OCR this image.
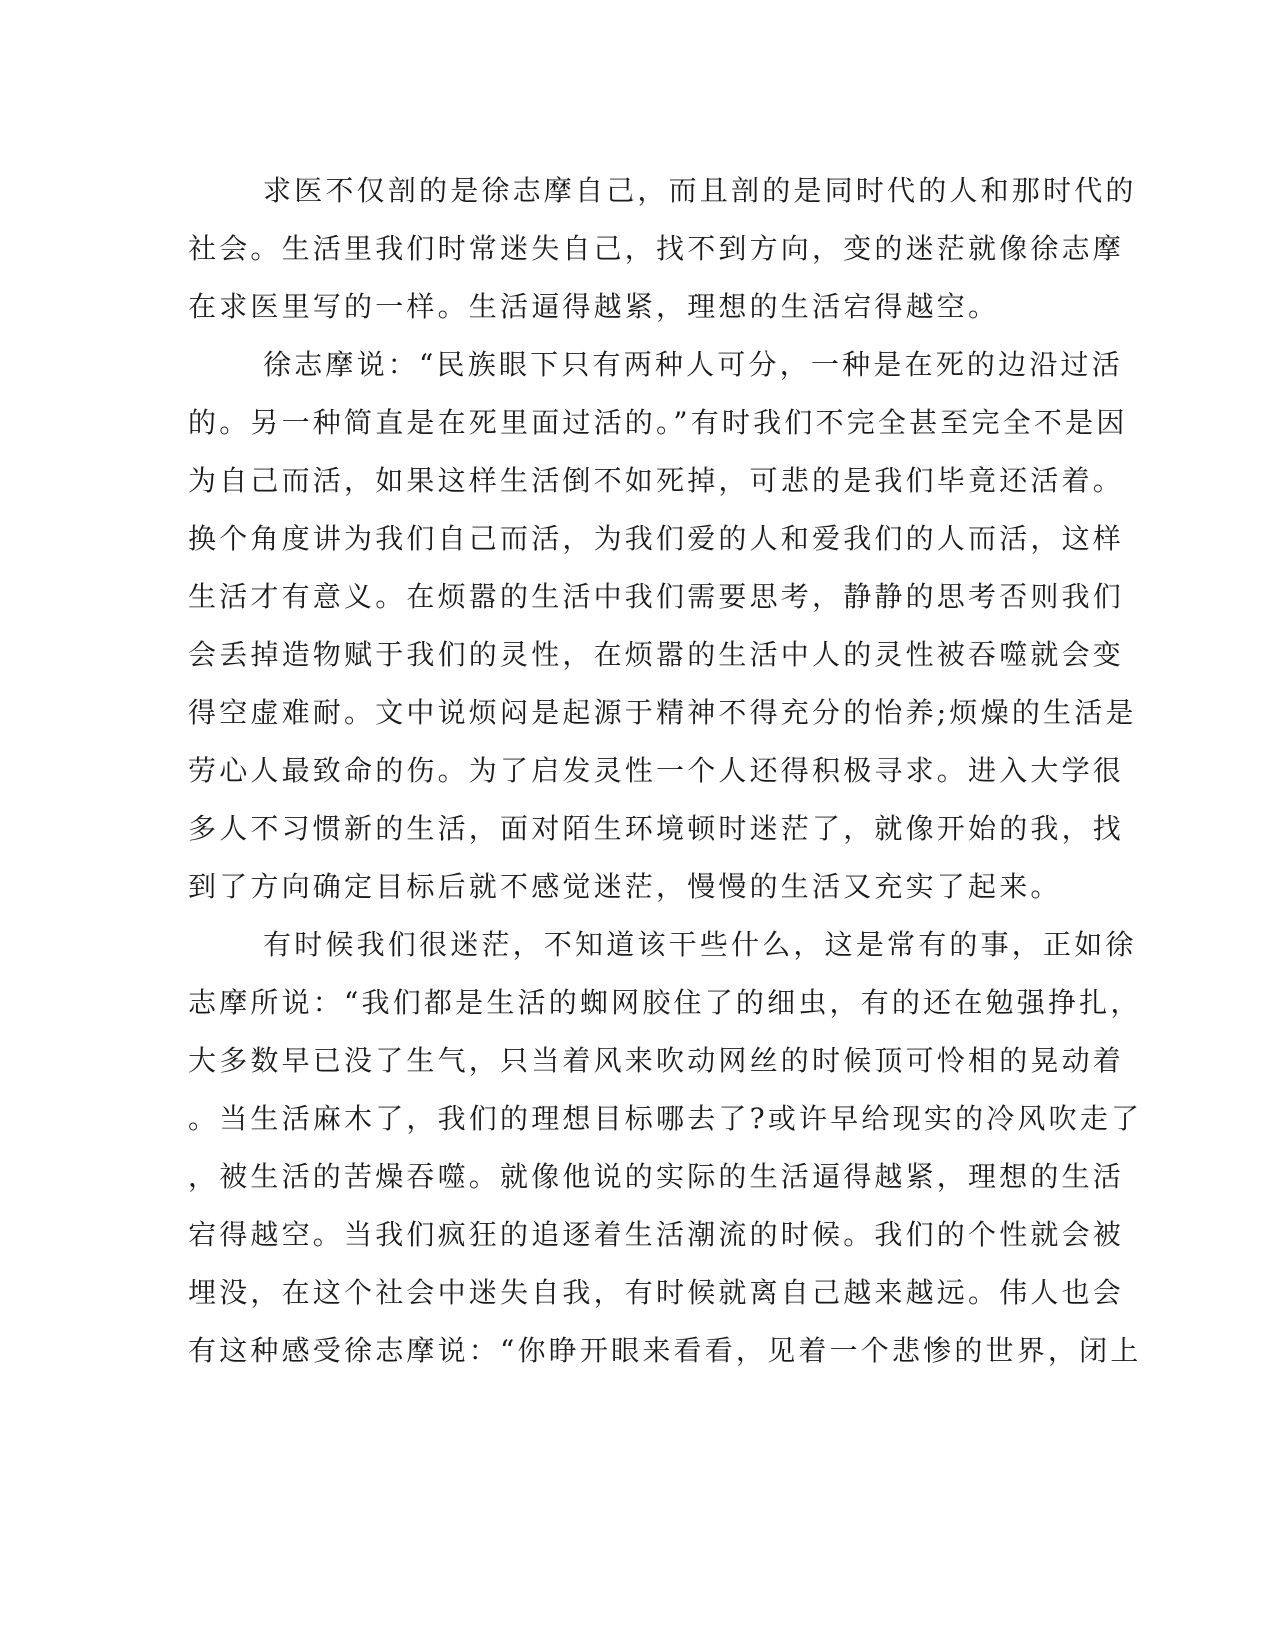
求医不仅剖的是徐志摩自己，而且剖的是同时代的人和那时代的
社会。生活里我们时常迷失自己，找不到方向，变的迷茫就像徐志摩
在求医里写的一样。生活逼得越紧，理想的生活宕得越空。
徐志摩说：“民族眼下只有两种人可分，一种是在死的边沿过活
的。另一种简直是在死里面过活的。”有时我们不完全甚至完全不是因
为自己而活，如果这样生活倒不如死掉，可悲的是我们毕竟还活着。
换个角度讲为我们自己而活，为我们爱的人和爱我们的人而活，这样
生活才有意义。在烦嚣的生活中我们需要思考，静静的思考否则我们
会丢掉造物赋于我们的灵性，在烦嚣的生活中人的灵性被吞噬就会变
得空虚难耐。文中说烦闷是起源于精神不得充分的怡养;烦燥的生活是
劳心人最致命的伤。为了启发灵性一个人还得积极寻求。进入大学很
多人不习惯新的生活，面对陌生环境顿时迷茫了，就像开始的我，找
到了方向确定目标后就不感觉迷茫，慢慢的生活又充实了起来。
有时候我们很迷茫，不知道该干些什么，这是常有的事，正如徐
志摩所说：“我们都是生活的蜘网胶住了的细虫，有的还在勉强挣扎，
大多数早已没了生气，只当着风来吹动网丝的时候顶可怜相的晃动着
。当生活麻木了，我们的理想目标哪去了?或许早给现实的冷风吹走了
，被生活的苦燥吞噬。就像他说的实际的生活逼得越紧，理想的生活
宕得越空。当我们疯狂的追逐着生活潮流的时候。我们的个性就会被
埋没，在这个社会中迷失自我，有时候就离自己越来越远。伟人也会
有这种感受徐志摩说：“你睁开眼来看看，见着一个悲惨的世界，闭上
